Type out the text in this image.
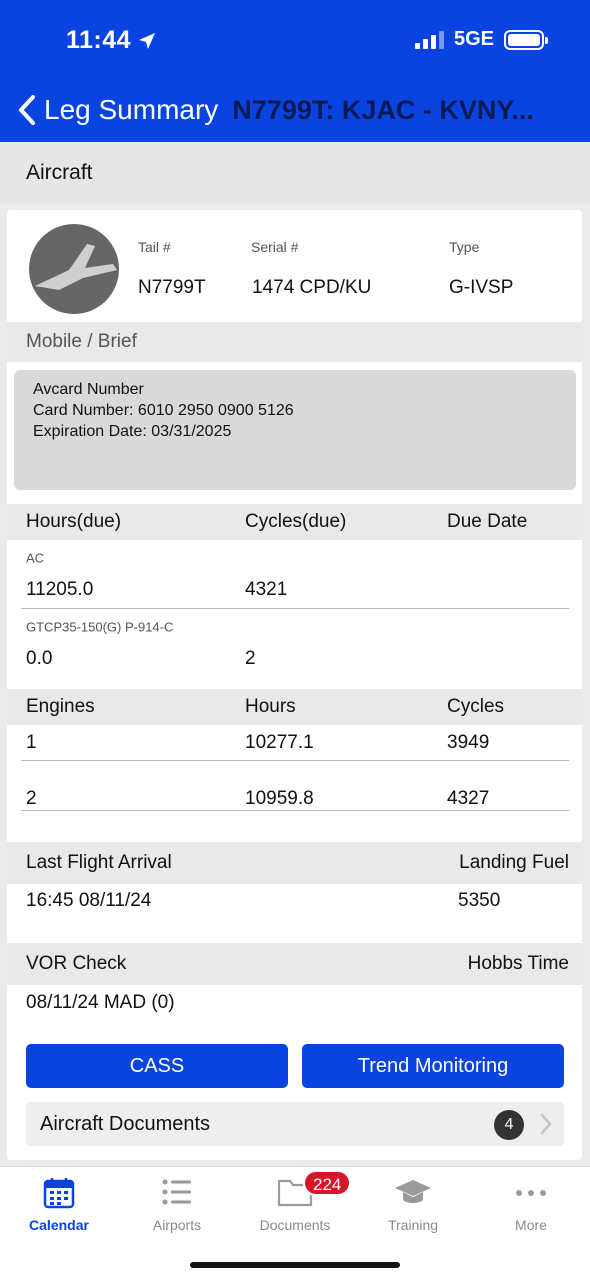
11:44	5GE
Leg Summary N7799T: KJAC - KVNY...
Aircraft
Tail #
N7799T
Serial #
1474 CPD/KU
Type
G-IVSP
Mobile / Brief
Avcard Number
Card Number: 6010 2950 0900 5126
Expiration Date: 03/31/2025
Hours(due)	Cycles(due)	Due Date
AC
11205.0	4321
GTCP35-150(G) P-914-C
0.0	2
Engines	Hours	Cycles
1	10277.1	3949
2	10959.8	4327
Last Flight Arrival	Landing Fuel
16:45 08/11/24	5350
VOR Check	Hobbs Time
08/11/24 MAD (0)
CASS	Trend Monitoring
Aircraft Documents	4
Calendar	Airports	Documents	Training	More
224
